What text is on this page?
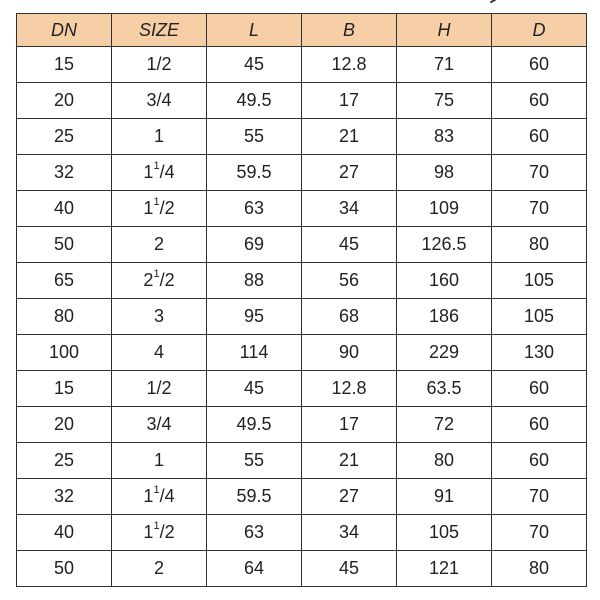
DN	SIZE	L	B	H	D
15	1/2	45	12.8	71	60
20	3/4	49.5	17	75	60
25	1	55	21	83	60
32	1 1 /4	59.5	27	98	70
40	1 1 /2	63	34	109	70
50	2	69	45	126.5	80
65	2 1 /2	88	56	160	105
80	3	95	68	186	105
100	4	114	90	229	130
15	1/2	45	12.8	63.5	60
20	3/4	49.5	17	72	60
25	1	55	21	80	60
32	1 1 /4	59.5	27	91	70
40	1 1 /2	63	34	105	70
50	2	64	45	121	80
